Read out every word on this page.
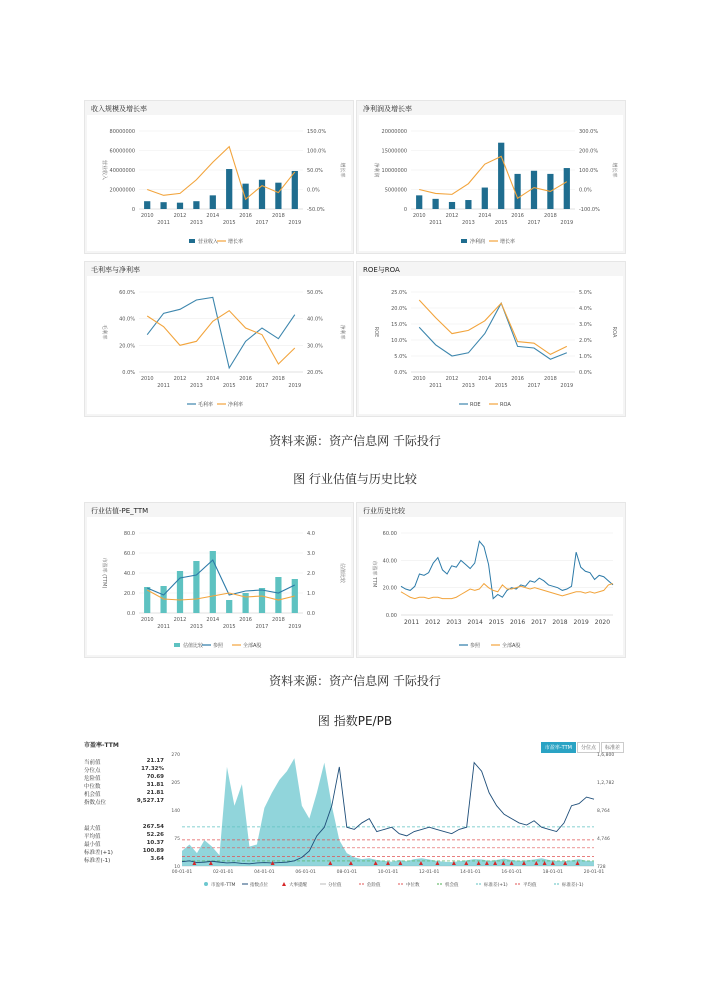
收入规模及增长率
0
20000000
40000000
60000000
80000000
-50.0%
0.0%
50.0%
100.0%
150.0%
2010
2011
2012
2013
2014
2015
2016
2017
2018
2019
营业收入	增长率
营业收入 增长率
净利润及增长率
0
5000000
10000000
15000000
20000000
-100.0%
0.0%
100.0%
200.0%
300.0%
2010
2011
2012
2013
2014
2015
2016
2017
2018
2019
净利润	增长率
净利润	增长率
毛利率与净利率
0.0%
20.0%
40.0%
60.0%
20.0%
30.0%
40.0%
50.0%
2010
2011
2012
2013
2014
2015
2016
2017
2018
2019
毛利率	净利率
毛利率	净利率
ROE与ROA
0.0%
5.0%
10.0%
15.0%
20.0%
25.0%
0.0%
1.0%
2.0%
3.0%
4.0%
5.0%
2010
2011
2012
2013
2014
2015
2016
2017
2018
2019
ROE	ROA
ROE	ROA
资料来源：资产信息网 千际投行
图 行业估值与历史比较
行业估值-PE_TTM
0.0
20.0
40.0
60.0
80.0
0.0
1.0
2.0
3.0
4.0
2010
2011
2012
2013
2014
2015
2016
2017
2018
2019
市盈率 (TTM)	估值比较
估值比较 参照	全部A股
行业历史比较
0.00
20.00
40.00
60.00
市盈率 TTM
2011 2012 2013 2014 2015 2016 2017 2018 2019 2020
参照	全部A股
资料来源：资产信息网 千际投行
图 指数PE/PB
市盈率-TTM
当前值	21.17
分位点	17.32%
危险值	70.69
中位数	31.81
机会值	21.81
指数点位	9,527.17
最大值	267.54
平均值	52.26
最小值	10.37
标准差(+1)	100.89
标准差(-1)	3.64
市盈率-TTM 分位点 标准差
10	728
75	4,746
140	8,764
205	1,2,782
270	1,6,800
00-01-01	02-01-01	04-01-01	06-01-01	08-01-01	10-01-01	12-01-01	14-01-01	16-01-01	18-01-01	20-01-01
市盈率-TTM	指数点位	大事提醒	分位值	危险值	中位数	机会值	标准差(+1)	平均值	标准差(-1)
